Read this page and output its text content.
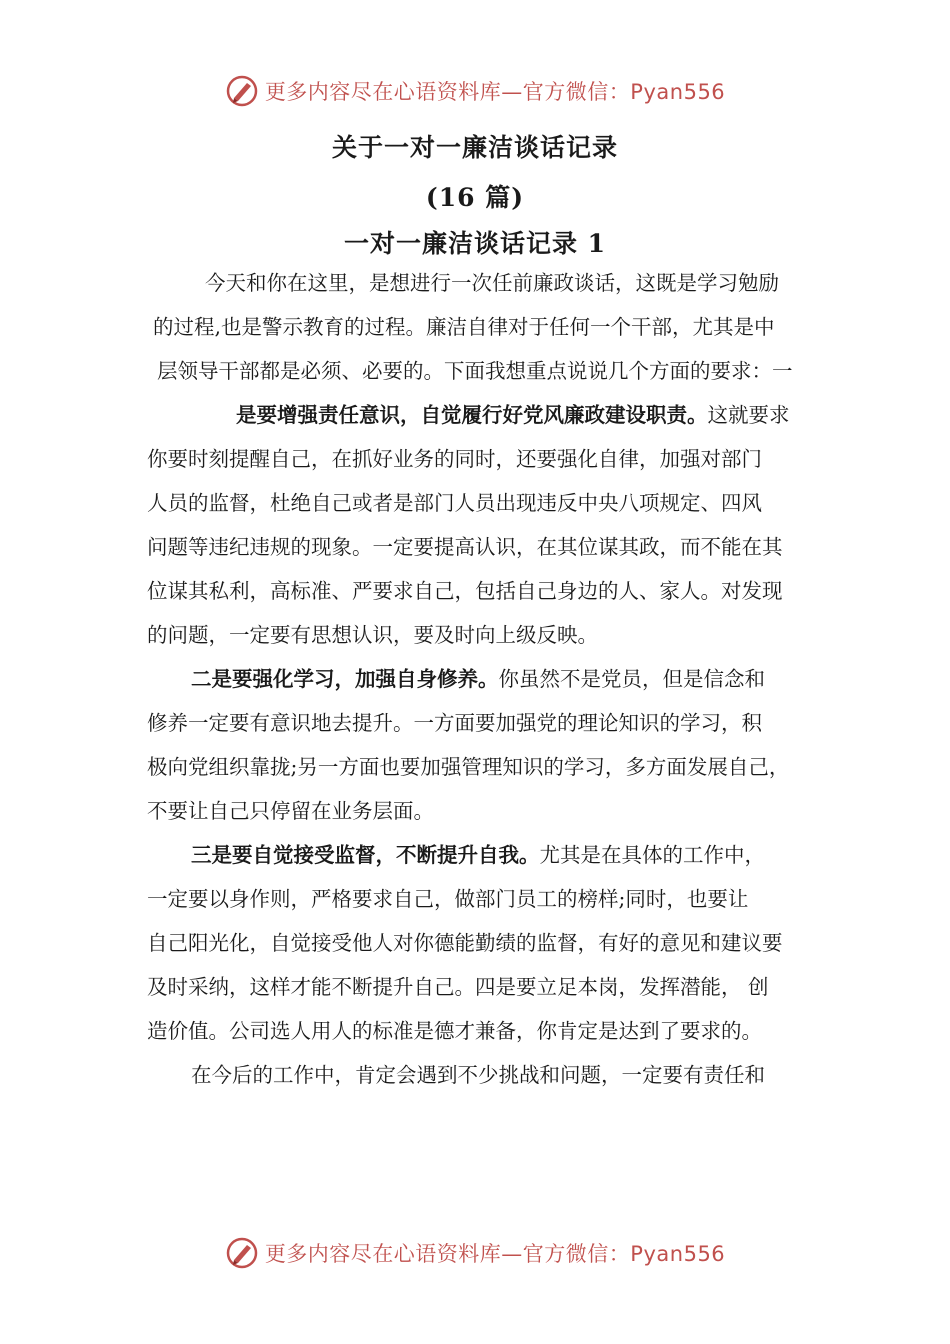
更多内容尽在心语资料库—官方微信：Pyan556
关于一对一廉洁谈话记录
(16 篇)
一对一廉洁谈话记录 1
今天和你在这里，是想进行一次任前廉政谈话，这既是学习勉励
的过程,也是警示教育的过程。廉洁自律对于任何一个干部，尤其是中
层领导干部都是必须、必要的。下面我想重点说说几个方面的要求：一
是要增强责任意识，自觉履行好党风廉政建设职责。这就要求
你要时刻提醒自己，在抓好业务的同时，还要强化自律，加强对部门
人员的监督，杜绝自己或者是部门人员出现违反中央八项规定、四风
问题等违纪违规的现象。一定要提高认识，在其位谋其政，而不能在其
位谋其私利，高标准、严要求自己，包括自己身边的人、家人。对发现
的问题，一定要有思想认识，要及时向上级反映。
二是要强化学习，加强自身修养。你虽然不是党员，但是信念和
修养一定要有意识地去提升。一方面要加强党的理论知识的学习，积
极向党组织靠拢;另一方面也要加强管理知识的学习，多方面发展自己，
不要让自己只停留在业务层面。
三是要自觉接受监督，不断提升自我。尤其是在具体的工作中，
一定要以身作则，严格要求自己，做部门员工的榜样;同时，也要让
自己阳光化，自觉接受他人对你德能勤绩的监督，有好的意见和建议要
及时采纳，这样才能不断提升自己。四是要立足本岗，发挥潜能， 创
造价值。公司选人用人的标准是德才兼备，你肯定是达到了要求的。
在今后的工作中，肯定会遇到不少挑战和问题，一定要有责任和
更多内容尽在心语资料库—官方微信：Pyan556
